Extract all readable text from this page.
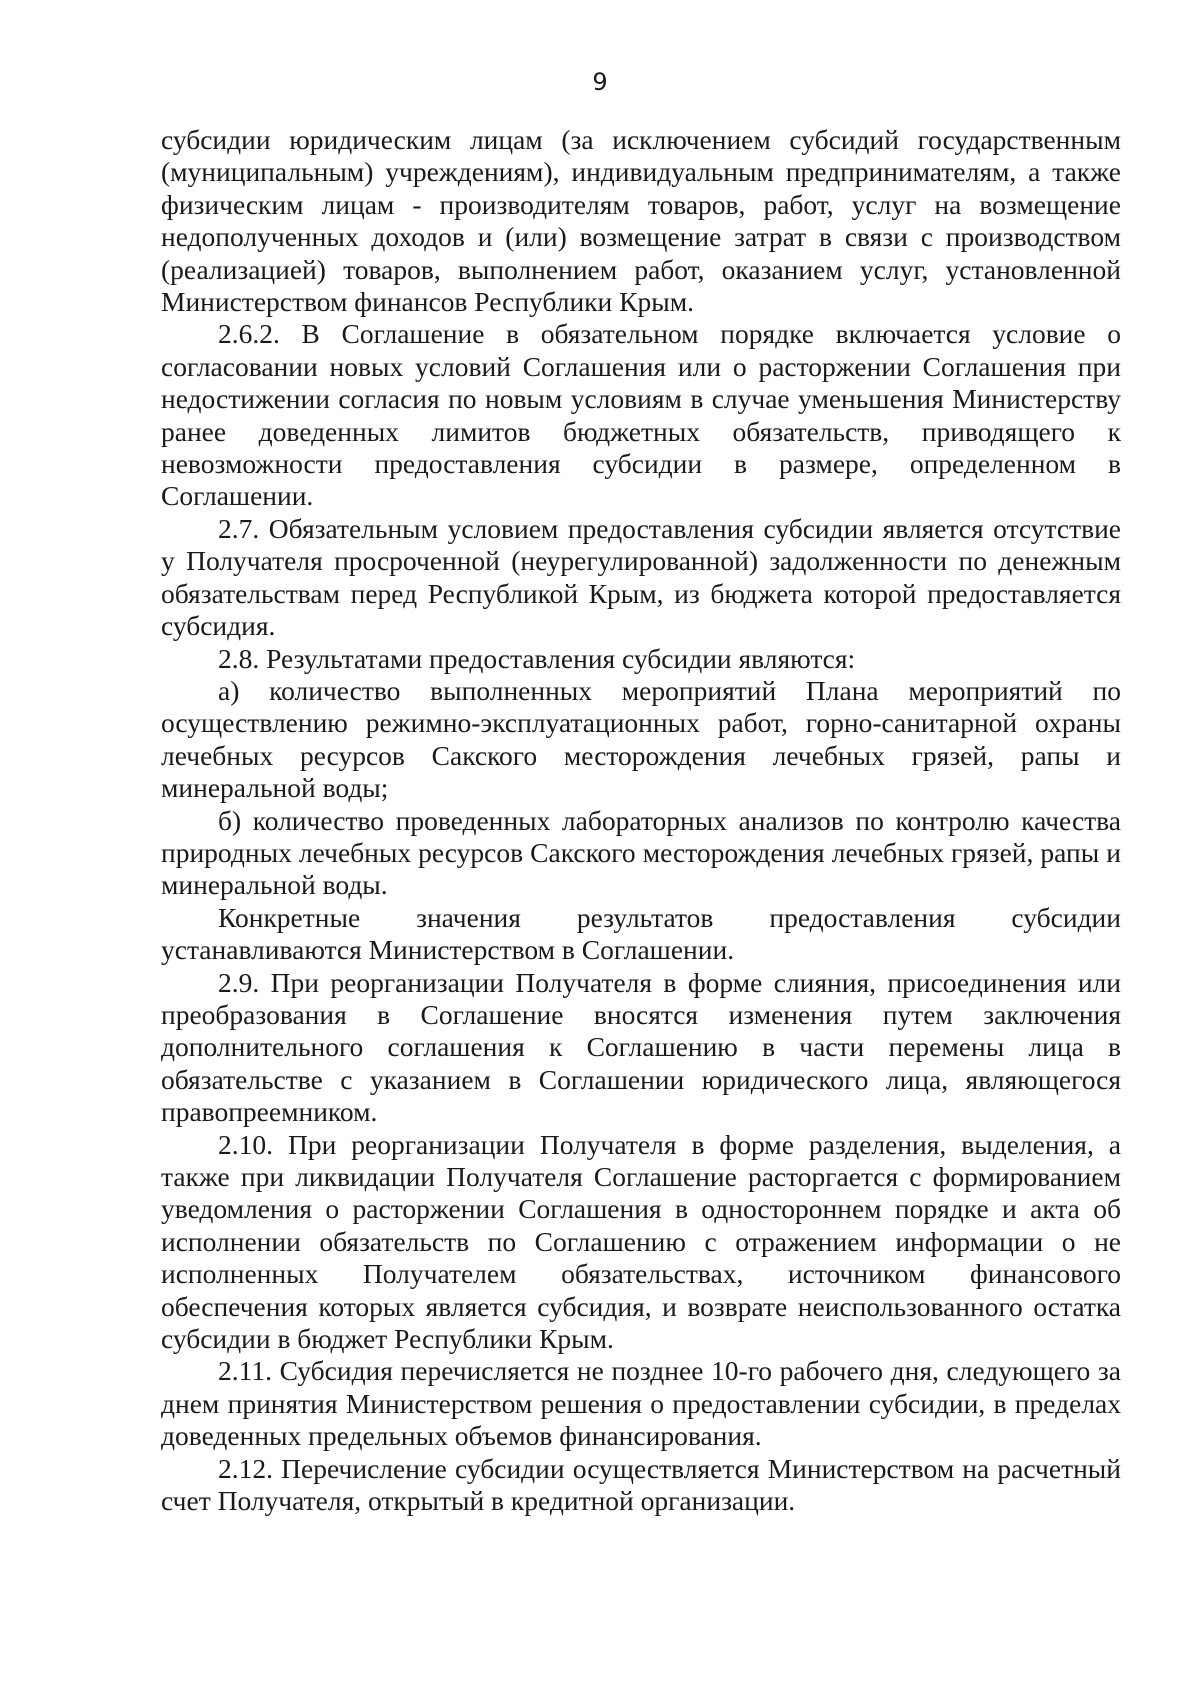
9

субсидии юридическим лицам (за исключением субсидий государственным (муниципальным) учреждениям), индивидуальным предпринимателям, а также физическим лицам - производителям товаров, работ, услуг на возмещение недополученных доходов и (или) возмещение затрат в связи с производством (реализацией) товаров, выполнением работ, оказанием услуг, установленной Министерством финансов Республики Крым.

2.6.2. В Соглашение в обязательном порядке включается условие о согласовании новых условий Соглашения или о расторжении Соглашения при недостижении согласия по новым условиям в случае уменьшения Министерству ранее доведенных лимитов бюджетных обязательств, приводящего к невозможности предоставления субсидии в размере, определенном в Соглашении.

2.7. Обязательным условием предоставления субсидии является отсутствие у Получателя просроченной (неурегулированной) задолженности по денежным обязательствам перед Республикой Крым, из бюджета которой предоставляется субсидия.

2.8. Результатами предоставления субсидии являются:

а) количество выполненных мероприятий Плана мероприятий по осуществлению режимно-эксплуатационных работ, горно-санитарной охраны лечебных ресурсов Сакского месторождения лечебных грязей, рапы и минеральной воды;

б) количество проведенных лабораторных анализов по контролю качества природных лечебных ресурсов Сакского месторождения лечебных грязей, рапы и минеральной воды.

Конкретные значения результатов предоставления субсидии устанавливаются Министерством в Соглашении.

2.9. При реорганизации Получателя в форме слияния, присоединения или преобразования в Соглашение вносятся изменения путем заключения дополнительного соглашения к Соглашению в части перемены лица в обязательстве с указанием в Соглашении юридического лица, являющегося правопреемником.

2.10. При реорганизации Получателя в форме разделения, выделения, а также при ликвидации Получателя Соглашение расторгается с формированием уведомления о расторжении Соглашения в одностороннем порядке и акта об исполнении обязательств по Соглашению с отражением информации о не исполненных Получателем обязательствах, источником финансового обеспечения которых является субсидия, и возврате неиспользованного остатка субсидии в бюджет Республики Крым.

2.11. Субсидия перечисляется не позднее 10-го рабочего дня, следующего за днем принятия Министерством решения о предоставлении субсидии, в пределах доведенных предельных объемов финансирования.

2.12. Перечисление субсидии осуществляется Министерством на расчетный счет Получателя, открытый в кредитной организации.
